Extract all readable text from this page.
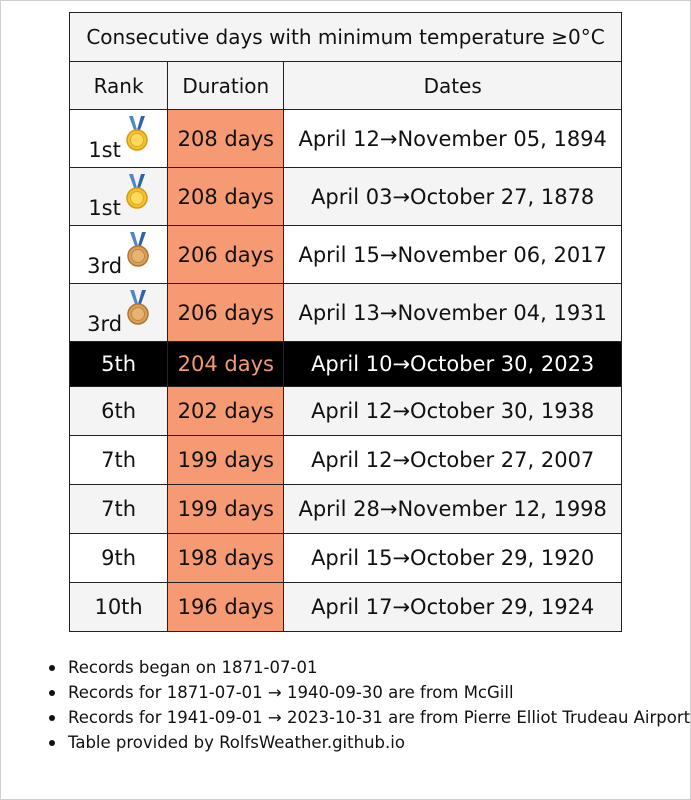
Consecutive days with minimum temperature ≥0°C		
Rank	Duration	Dates

1st	208 days	April 12→November 05, 1894

1st	208 days	April 03→October 27, 1878

3rd	206 days	April 15→November 06, 2017

3rd	206 days	April 13→November 04, 1931
5th	204 days	April 10→October 30, 2023
6th	202 days	April 12→October 30, 1938
7th	199 days	April 12→October 27, 2007
7th	199 days	April 28→November 12, 1998
9th	198 days	April 15→October 29, 1920
10th	196 days	April 17→October 29, 1924
Records began on 1871-07-01
Records for 1871-07-01 → 1940-09-30 are from McGill
Records for 1941-09-01 → 2023-10-31 are from Pierre Elliot Trudeau Airport
Table provided by RolfsWeather.github.io
